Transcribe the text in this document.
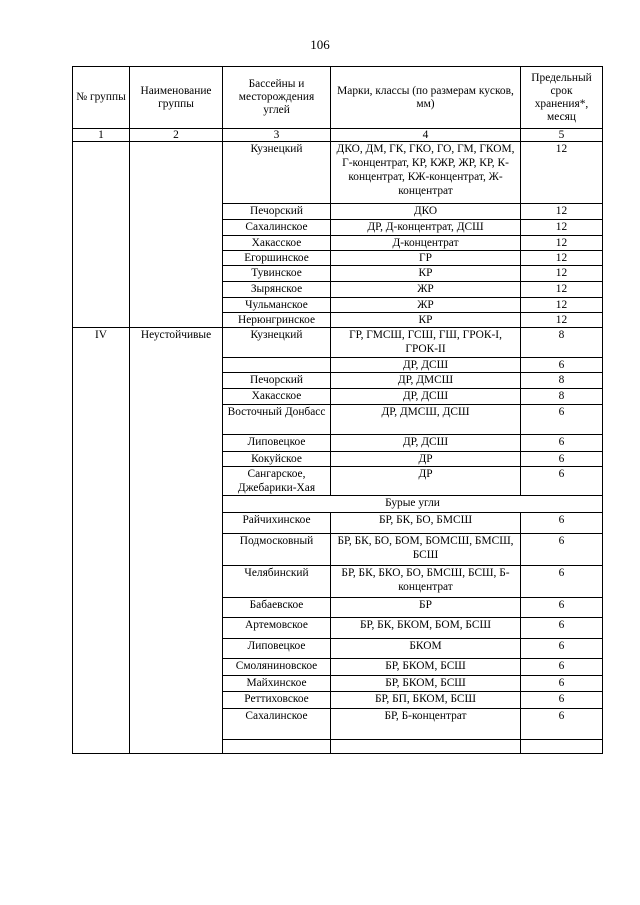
106
№ группы	Наименование группы	Бассейны и месторождения углей	Марки, классы (по размерам кусков, мм)	Предельный срок хранения*, месяц
1	2	3	4	5
		Кузнецкий	ДКО, ДМ, ГК, ГКО, ГО, ГМ, ГКОМ, Г-концентрат, КР, КЖР, ЖР, КР, К-концентрат, КЖ-концентрат, Ж-концентрат	12
		Печорский	ДКО	12
		Сахалинское	ДР, Д-концентрат, ДСШ	12
		Хакасское	Д-концентрат	12
		Егоршинское	ГР	12
		Тувинское	КР	12
		Зырянское	ЖР	12
		Чульманское	ЖР	12
		Нерюнгринское	КР	12
IV	Неустойчивые	Кузнецкий	ГР, ГМСШ, ГСШ, ГШ, ГРОК-I, ГРОК-II	8
			ДР, ДСШ	6
		Печорский	ДР, ДМСШ	8
		Хакасское	ДР, ДСШ	8
		Восточный Донбасс	ДР, ДМСШ, ДСШ	6
		Липовецкое	ДР, ДСШ	6
		Кокуйское	ДР	6
		Сангарское, Джебарики-Хая	ДР	6
		Бурые угли		
		Райчихинское	БР, БК, БО, БМСШ	6
		Подмосковный	БР, БК, БО, БОМ, БОМСШ, БМСШ, БСШ	6
		Челябинский	БР, БК, БКО, БО, БМСШ, БСШ, Б-концентрат	6
		Бабаевское	БР	6
		Артемовское	БР, БК, БКОМ, БОМ, БСШ	6
		Липовецкое	БКОМ	6
		Смоляниновское	БР, БКОМ, БСШ	6
		Майхинское	БР, БКОМ, БСШ	6
		Реттиховское	БР, БП, БКОМ, БСШ	6
		Сахалинское	БР, Б-концентрат	6
